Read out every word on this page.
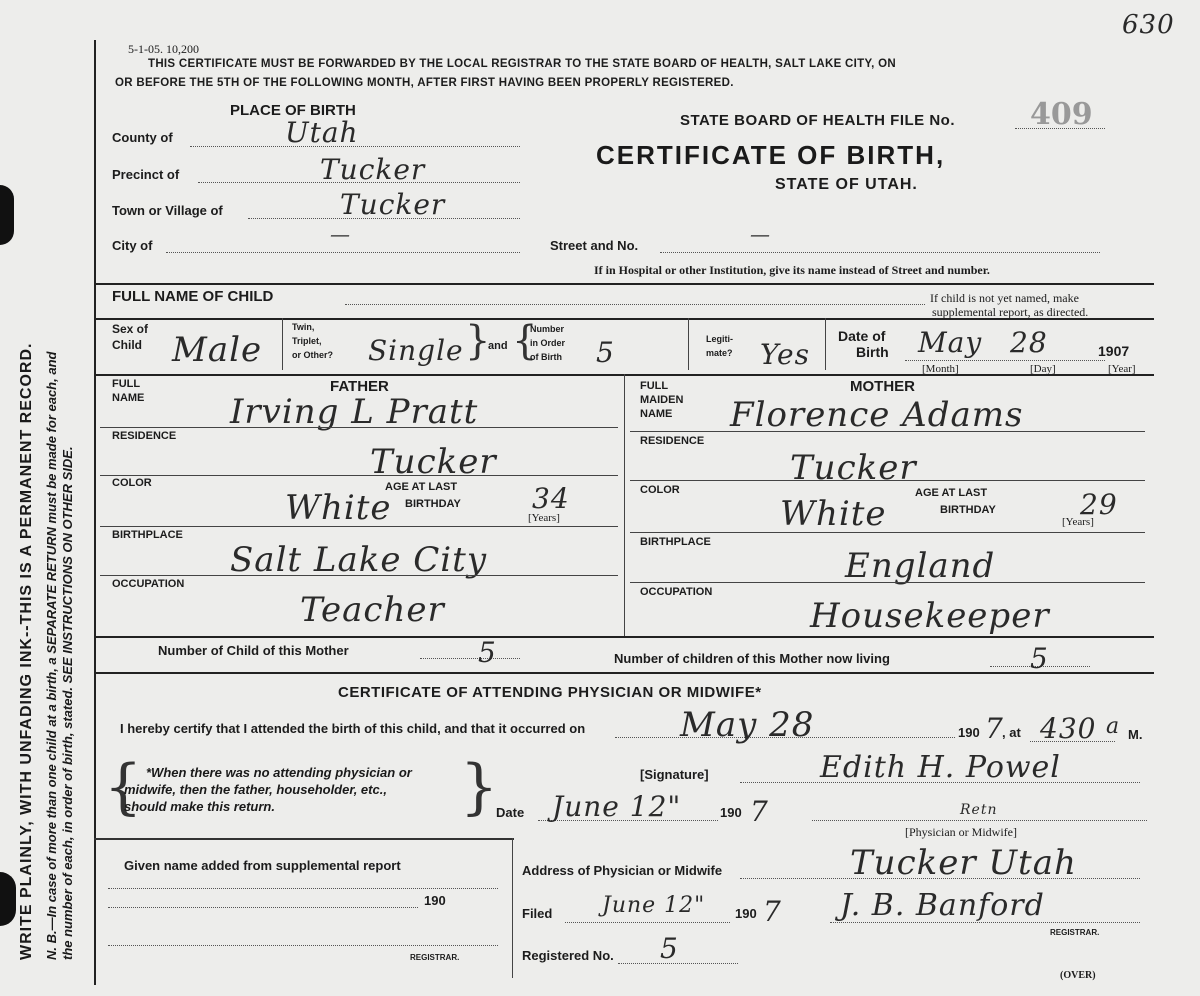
WRITE PLAINLY, WITH UNFADING INK--THIS IS A PERMANENT RECORD. N. B.—In case of more than one child at a birth, a SEPARATE RETURN must be made for each, and the number of each, in order of birth, stated. SEE INSTRUCTIONS ON OTHER SIDE.
630
5-1-05. 10,200
THIS CERTIFICATE MUST BE FORWARDED BY THE LOCAL REGISTRAR TO THE STATE BOARD OF HEALTH, SALT LAKE CITY, ON
OR BEFORE THE 5TH OF THE FOLLOWING MONTH, AFTER FIRST HAVING BEEN PROPERLY REGISTERED.
PLACE OF BIRTH
County of	Utah
Precinct of	Tucker
Town or Village of	Tucker
City of	—	Street and No.	—
If in Hospital or other Institution, give its name instead of Street and number.
STATE BOARD OF HEALTH FILE No.	409
CERTIFICATE OF BIRTH,
STATE OF UTAH.
FULL NAME OF CHILD	If child is not yet named, make
supplemental report, as directed.
Sex of
Child Male
Twin,
Triplet,
or Other? Single }
and {
Number
in Order
of Birth 5	Legiti-
mate? Yes
Date of
Birth May 28	1907
[Month]	[Day]	[Year]
FATHER
FULL
NAME	Irving L Pratt
RESIDENCE
Tucker
COLOR
White
AGE AT LAST
BIRTHDAY	34
[Years]
BIRTHPLACE
Salt Lake City
OCCUPATION
Teacher
MOTHER
FULL
MAIDEN
NAME Florence Adams
RESIDENCE
Tucker
COLOR
White
AGE AT LAST
BIRTHDAY	29
[Years]
BIRTHPLACE
England
OCCUPATION
Housekeeper
Number of Child of this Mother	5	Number of children of this Mother now living	5
CERTIFICATE OF ATTENDING PHYSICIAN OR MIDWIFE*
I hereby certify that I attended the birth of this child, and that it occurred on	May 28	190 7
, at 430 a M.
{ *When there was no attending physician or
midwife, then the father, householder, etc.,
should make this return.	}	[Signature]	Edith H. Powel
Date June 12"	190 7	Retn
[Physician or Midwife]
Given name added from supplemental report
190
REGISTRAR.
Address of Physician or Midwife	Tucker Utah
Filed June 12" 190 7 J. B. Banford
REGISTRAR.
Registered No. 5
(OVER)
